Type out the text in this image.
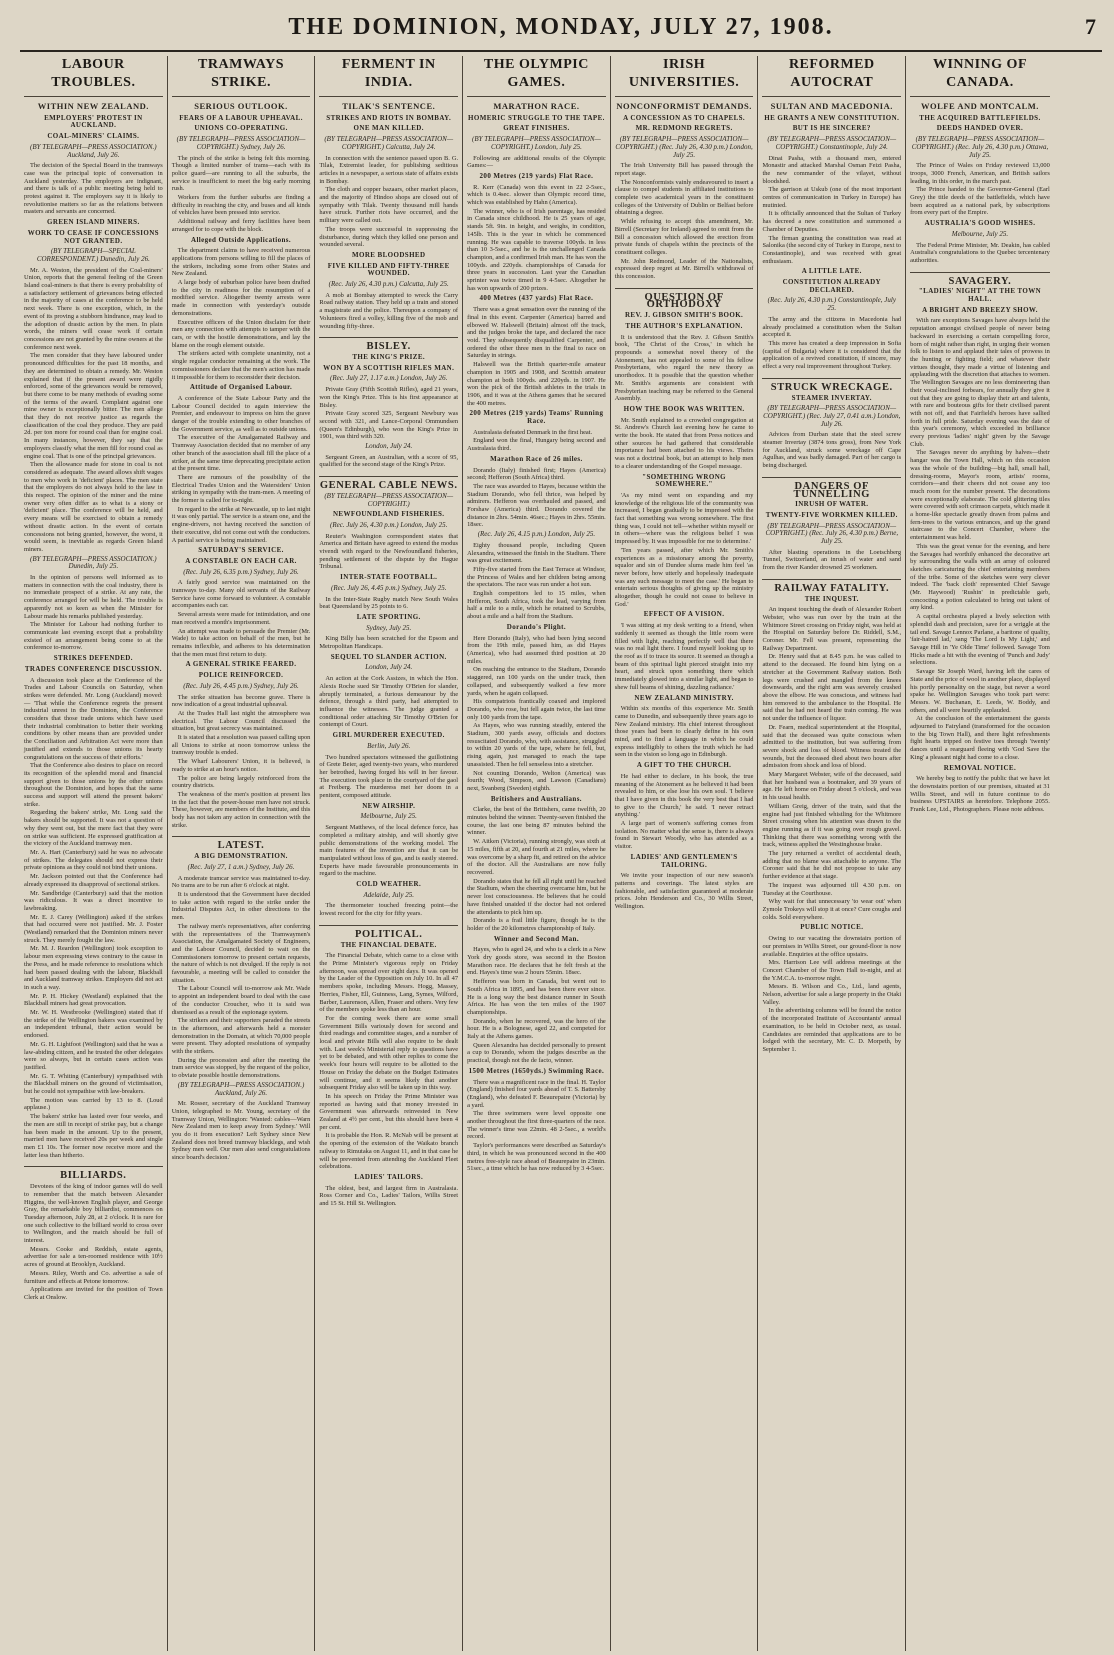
THE DOMINION, MONDAY, JULY 27, 1908.	7
LABOUR TROUBLES.
WITHIN NEW ZEALAND.
EMPLOYERS' PROTEST IN AUCKLAND.
COAL-MINERS' CLAIMS.
(BY TELEGRAPH—PRESS ASSOCIATION.) Auckland, July 26.

The decision of the Special Board in the tramways case was the principal topic of conversation in Auckland yesterday. The employers are indignant, and there is talk of a public meeting being held to protest against it. The employers say it is likely to revolutionise matters so far as the relations between masters and servants are concerned.

GREEN ISLAND MINERS.
WORK TO CEASE IF CONCESSIONS NOT GRANTED.
(BY TELEGRAPH—SPECIAL CORRESPONDENT.) Dunedin, July 26.

Mr. A. Weston, the president of the Coal-miners' Union, reports that the general feeling of the Green Island coal-miners is that there is every probability of a satisfactory settlement of grievances being effected in the majority of cases at the conference to be held next week. There is one exception, which, in the event of its proving a stubborn hindrance, may lead to the adoption of drastic action by the men. In plain words, the miners will cease work if certain concessions are not granted by the mine owners at the conference next week.

The men consider that they have laboured under pronounced difficulties for the past 18 months, and they are determined to obtain a remedy. Mr. Weston explained that if the present award were rigidly enforced, some of the grievances would be removed, but there come to be many methods of evading some of the terms of the award. Complaint against one mine owner is exceptionally bitter. The men allege that they do not receive justice as regards the classification of the coal they produce. They are paid 2d. per ton more for round coal than for engine coal. In many instances, however, they say that the employers classify what the men fill for round coal as engine coal. That is one of the principal grievances.

Then the allowance made for stone in coal is not considered as adequate. The award allows shift wages to men who work in 'deficient' places. The men state that the employers do not always hold to the law in this respect. The opinion of the miner and the mine owner very often differ as to what is a stony or 'deficient' place. The conference will be held, and every means will be exercised to obtain a remedy without drastic action. In the event of certain concessions not being granted, however, the worst, it would seem, is inevitable as regards Green Island miners.

(BY TELEGRAPH—PRESS ASSOCIATION.) Dunedin, July 25.

In the opinion of persons well informed as to matters in connection with the coal industry, there is no immediate prospect of a strike. At any rate, the conference arranged for will be held. The trouble is apparently not so keen as when the Minister for Labour made his remarks published yesterday.

The Minister for Labour had nothing further to communicate last evening except that a probability existed of an arrangement being come to at the conference to-morrow.

STRIKES DEFENDED.
TRADES CONFERENCE DISCUSSION.

A discussion took place at the Conference of the Trades and Labour Councils on Saturday, when strikes were defended. Mr. Long (Auckland) moved:— 'That while the Conference regrets the present industrial unrest in the Dominion, the Conference considers that those trade unions which have used their industrial combination to better their working conditions by other means than are provided under the Conciliation and Arbitration Act were more than justified and extends to those unions its hearty congratulations on the success of their efforts.'

That the Conference also desires to place on record its recognition of the splendid moral and financial support given to those unions by the other unions throughout the Dominion, and hopes that the same success and support will attend the present bakers' strike.

Regarding the bakers' strike, Mr. Long said the bakers should be supported. It was not a question of why they went out, but the mere fact that they were on strike was sufficient. He expressed gratification at the victory of the Auckland tramway men.

Mr. A. Hart (Canterbury) said he was no advocate of strikes. The delegates should not express their private opinions as they could not bind their unions.

Mr. Jackson pointed out that the Conference had already expressed its disapproval of sectional strikes.

Mr. Sandbridge (Canterbury) said that the motion was ridiculous. It was a direct incentive to lawbreaking.

Mr. E. J. Carey (Wellington) asked if the strikes that had occurred were not justified. Mr. J. Foster (Westland) remarked that the Dominion miners never struck. They merely fought the law.

Mr. M. J. Reardon (Wellington) took exception to labour men expressing views contrary to the cause in the Press, and he made reference to resolutions which had been passed dealing with the labour, Blackball and Auckland tramway strikes. Employers did not act in such a way.

Mr. P. H. Hickey (Westland) explained that the Blackball miners had great provocation.

Mr. W. H. Westbrooke (Wellington) stated that if the strike of the Wellington bakers was examined by an independent tribunal, their action would be endorsed.

Mr. G. H. Lightfoot (Wellington) said that he was a law-abiding citizen, and he trusted the other delegates were so always, but in certain cases action was justified.

Mr. G. T. Whiting (Canterbury) sympathised with the Blackball miners on the ground of victimisation, but he could not sympathise with law-breakers.

The motion was carried by 13 to 8. (Loud applause.)

The bakers' strike has lasted over four weeks, and the men are still in receipt of strike pay, but a change has been made in the amount. Up to the present, married men have received 20s per week and single men £1 10s. The former now receive more and the latter less than hitherto.

BILLIARDS.

Devotees of the king of indoor games will do well to remember that the match between Alexander Higgins, the well-known English player, and George Gray, the remarkable boy billiardist, commences on Tuesday afternoon, July 28, at 2 o'clock. It is rare for one such collective to the billiard world to cross over to Wellington, and the match should be full of interest.

Messrs. Cooke and Reddish, estate agents, advertise for sale a ten-roomed residence with 10½ acres of ground at Brooklyn, Auckland.

Messrs. Riley, Worth and Co. advertise a sale of furniture and effects at Petone tomorrow.

Applications are invited for the position of Town Clerk at Onslow.

TRAMWAYS STRIKE.
SERIOUS OUTLOOK.
FEARS OF A LABOUR UPHEAVAL.
UNIONS CO-OPERATING.
(BY TELEGRAPH—PRESS ASSOCIATION—COPYRIGHT.) Sydney, July 26.

The pinch of the strike is being felt this morning. Though a limited number of trams—each with its police guard—are running to all the suburbs, the service is insufficient to meet the big early morning rush.

Workers from the further suburbs are finding a difficulty in reaching the city, and buses and all kinds of vehicles have been pressed into service.

Additional railway and ferry facilities have been arranged for to cope with the block.

Alleged Outside Applications.

The department claims to have received numerous applications from persons willing to fill the places of the strikers, including some from other States and New Zealand.

A large body of suburban police have been drafted to the city in readiness for the resumption of a modified service. Altogether twenty arrests were made in connection with yesterday's outside demonstrations.

Executive officers of the Union disclaim for their men any connection with attempts to tamper with the cars, or with the hostile demonstrations, and lay the blame on the rough element outside.

The strikers acted with complete unanimity, not a single regular conductor remaining at the work. The commissioners declare that the men's action has made it impossible for them to reconsider their decision.

Attitude of Organised Labour.

A conference of the State Labour Party and the Labour Council decided to again interview the Premier, and endeavour to impress on him the grave danger of the trouble extending to other branches of the Government service, as well as to outside unions.

The executive of the Amalgamated Railway and Tramway Association decided that no member of any other branch of the association shall fill the place of a striker, at the same time deprecating precipitate action at the present time.

There are rumours of the possibility of the Electrical Trades Union and the Watersiders' Union striking in sympathy with the tram-men. A meeting of the former is called for to-night.

In regard to the strike at Newcastle, up to last night it was only partial. The service is a steam one, and the engine-drivers, not having received the sanction of their executive, did not come out with the conductors. A partial service is being maintained.

SATURDAY'S SERVICE.
A CONSTABLE ON EACH CAR.
(Rec. July 26, 6.35 p.m.) Sydney, July 26.

A fairly good service was maintained on the tramways to-day. Many old servants of the Railway Service have come forward to volunteer. A constable accompanies each car.

Several arrests were made for intimidation, and one man received a month's imprisonment.

An attempt was made to persuade the Premier (Mr. Wade) to take action on behalf of the men, but he remains inflexible, and adheres to his determination that the men must first return to duty.

A GENERAL STRIKE FEARED.
POLICE REINFORCED.
(Rec. July 26, 4.45 p.m.) Sydney, July 26.

The strike situation has become grave. There is now indication of a great industrial upheaval.

At the Trades Hall last night the atmosphere was electrical. The Labour Council discussed the situation, but great secrecy was maintained.

It is stated that a resolution was passed calling upon all Unions to strike at noon tomorrow unless the tramway trouble is ended.

The Wharf Labourers' Union, it is believed, is ready to strike at an hour's notice.

The police are being largely reinforced from the country districts.

The weakness of the men's position at present lies in the fact that the power-house men have not struck. These, however, are members of the Institute, and this body has not taken any action in connection with the strike.

LATEST.
A BIG DEMONSTRATION.
(Rec. July 27, 1 a.m.) Sydney, July 26.

A moderate tramcar service was maintained to-day. No trams are to be run after 6 o'clock at night.

It is understood that the Government have decided to take action with regard to the strike under the Industrial Disputes Act, in other directions to the men.

The railway men's representatives, after conferring with the representatives of the Tramwaymen's Association, the Amalgamated Society of Engineers, and the Labour Council, decided to wait on the Commissioners tomorrow to present certain requests, the nature of which is not divulged. If the reply is not favourable, a meeting will be called to consider the situation.

The Labour Council will to-morrow ask Mr. Wade to appoint an independent board to deal with the case of the conductor Croucher, who it is said was dismissed as a result of the espionage system.

The strikers and their supporters paraded the streets in the afternoon, and afterwards held a monster demonstration in the Domain, at which 70,000 people were present. They adopted resolutions of sympathy with the strikers.

During the procession and after the meeting the tram service was stopped, by the request of the police, to obviate possible hostile demonstrations.

(BY TELEGRAPH—PRESS ASSOCIATION.) Auckland, July 26.

Mr. Rosser, secretary of the Auckland Tramway Union, telegraphed to Mr. Young, secretary of the Tramway Union, Wellington: 'Wanted: cables—Warn New Zealand men to keep away from Sydney.' Will you do it from execution? Left Sydney since New Zealand does not breed tramway blacklegs, and wish Sydney men well. Our men also send congratulations since board's decision.'

FERMENT IN INDIA.
TILAK'S SENTENCE.
STRIKES AND RIOTS IN BOMBAY.
ONE MAN KILLED.
(BY TELEGRAPH—PRESS ASSOCIATION—COPYRIGHT.) Calcutta, July 24.

In connection with the sentence passed upon B. G. Tilak, Extremist leader, for publishing seditious articles in a newspaper, a serious state of affairs exists in Bombay.

The cloth and copper bazaars, other market places, and the majority of Hindoo shops are closed out of sympathy with Tilak. Twenty thousand mill hands have struck. Further riots have occurred, and the military were called out.

The troops were successful in suppressing the disturbance, during which they killed one person and wounded several.

MORE BLOODSHED
FIVE KILLED AND FIFTY-THREE WOUNDED.
(Rec. July 26, 4.30 p.m.) Calcutta, July 25.

A mob at Bombay attempted to wreck the Carry Road railway station. They held up a train and stoned a magistrate and the police. Thereupon a company of Volunteers fired a volley, killing five of the mob and wounding fifty-three.

BISLEY.
THE KING'S PRIZE.
WON BY A SCOTTISH RIFLES MAN.
(Rec. July 27, 1.17 a.m.) London, July 26.

Private Gray (Fifth Scottish Rifles), aged 21 years, won the King's Prize. This is his first appearance at Bisley.

Private Gray scored 325, Sergeant Newbury was second with 321, and Lance-Corporal Ommundsen (Queen's Edinburgh), who won the King's Prize in 1901, was third with 320.

London, July 24.

Sergeant Green, an Australian, with a score of 95, qualified for the second stage of the King's Prize.

GENERAL CABLE NEWS.
(BY TELEGRAPH—PRESS ASSOCIATION—COPYRIGHT.)
NEWFOUNDLAND FISHERIES.
(Rec. July 26, 4.30 p.m.) London, July 25.

Reuter's Washington correspondent states that America and Britain have agreed to extend the modus vivendi with regard to the Newfoundland fisheries, pending settlement of the dispute by the Hague Tribunal.

INTER-STATE FOOTBALL.
(Rec. July 26, 4.45 p.m.) Sydney, July 25.

In the Inter-State Rugby match New South Wales beat Queensland by 25 points to 6.

LATE SPORTING.
Sydney, July 25.

King Billy has been scratched for the Epsom and Metropolitan Handicaps.

SEQUEL TO SLANDER ACTION.
London, July 24.

An action at the Cork Assizes, in which the Hon. Alexis Roche sued Sir Timothy O'Brien for slander, abruptly terminated, a furious demeanour by the defence, through a third party, had attempted to influence the witnesses. The judge granted a conditional order attaching Sir Timothy O'Brien for contempt of Court.

GIRL MURDERER EXECUTED.
Berlin, July 26.

Two hundred spectators witnessed the guillotining of Grete Beier, aged twenty-two years, who murdered her betrothed, having forged his will in her favour. The execution took place in the courtyard of the gaol at Freiberg. The murderess met her doom in a penitent, composed attitude.

NEW AIRSHIP.
Melbourne, July 25.

Sergeant Matthews, of the local defence force, has completed a military airship, and will shortly give public demonstrations of the working model. The main features of the invention are that it can be manipulated without loss of gas, and is easily steered. Experts have made favourable pronouncements in regard to the machine.

COLD WEATHER.
Adelaide, July 25.

The thermometer touched freezing point—the lowest record for the city for fifty years.

POLITICAL.
THE FINANCIAL DEBATE.

The Financial Debate, which came to a close with the Prime Minister's vigorous reply on Friday afternoon, was spread over eight days. It was opened by the Leader of the Opposition on July 10. In all 47 members spoke, including Messrs. Hogg, Massey, Herries, Fisher, Ell, Guinness, Lang, Symes, Wilford, Barber, Laurenson, Allen, Fraser and others. Very few of the members spoke less than an hour.

For the coming week there are some small Government Bills variously down for second and third readings and committee stages, and a number of local and private Bills will also require to be dealt with. Last week's Ministerial reply to questions have yet to be debated, and with other replies to come the week's four hours will require to be allotted to the House on Friday the debate on the Budget Estimates will continue, and it seems likely that another subsequent Friday also will be taken up in this way.

In his speech on Friday the Prime Minister was reported as having said that money invested in Government was afterwards reinvested in New Zealand at 4½ per cent., but this should have been 4 per cent.

It is probable the Hon. R. McNab will be present at the opening of the extension of the Waikato branch railway to Rimutaka on August 11, and in that case he will be prevented from attending the Auckland Fleet celebrations.

LADIES' TAILORS.

The oldest, best, and largest firm in Australasia. Ross Corner and Co., Ladies' Tailors, Willis Street and 15 St. Hill St. Wellington.

THE OLYMPIC GAMES.
MARATHON RACE.
HOMERIC STRUGGLE TO THE TAPE.
GREAT FINISHES.
(BY TELEGRAPH—PRESS ASSOCIATION—COPYRIGHT.) London, July 25.

Following are additional results of the Olympic Games:—

200 Metres (219 yards) Flat Race.

R. Kerr (Canada) won this event in 22 2-5sec., which is 0.4sec. slower than Olympic record time, which was established by Hahn (America).

The winner, who is of Irish parentage, has resided in Canada since childhood. He is 25 years of age, stands 5ft. 9in. in height, and weighs, in condition, 145lb. This is the year in which he commenced running. He was capable to traverse 100yds. in less than 10 3-5sec., and he is the unchallenged Canada champion, and a confirmed Irish man. He has won the 100yds. and 220yds. championships of Canada for three years in succession. Last year the Canadian sprinter was twice timed in 9 4-5sec. Altogether he has won upwards of 200 prizes.

400 Metres (437 yards) Flat Race.

There was a great sensation over the running of the final in this event. Carpenter (America) barred and elbowed W. Halswell (Britain) almost off the track, and the judges broke the tape, and declared the race void. They subsequently disqualified Carpenter, and ordered the other three men in the final to race on Saturday in strings.

Halswell was the British quarter-mile amateur champion in 1905 and 1908, and Scottish amateur champion at both 100yds. and 220yds. in 1907. He won the pick of the British athletes in the trials in 1906, and it was at the Athens games that he secured the 400 metres.

200 Metres (219 yards) Teams' Running Race.

Australasia defeated Denmark in the first heat.

England won the final, Hungary being second and Australasia third.

Marathon Race of 26 miles.

Dorando (Italy) finished first; Hayes (America) second; Hefferon (South Africa) third.

The race was awarded to Hayes, because within the Stadium Dorando, who fell thrice, was helped by admirers. Hefferon was overhauled and passed, and Forshaw (America) third. Dorando covered the distance in 2hrs. 54min. 46sec.; Hayes in 2hrs. 55min. 18sec.

(Rec. July 26, 4.15 p.m.) London, July 25.

Eighty thousand people, including Queen Alexandra, witnessed the finish in the Stadium. There was great excitement.

Fifty-five started from the East Terrace at Windsor, the Princess of Wales and her children being among the spectators. The race was run under a hot sun.

English competitors led to 15 miles, when Hefferon, South Africa, took the lead, varying from half a mile to a mile, which he retained to Scrubbs, about a mile and a half from the Stadium.

Dorando's Plight.

Here Dorando (Italy), who had been lying second from the 19th mile, passed him, as did Hayes (America), who had assumed third position at 20 miles.

On reaching the entrance to the Stadium, Dorando staggered, ran 100 yards on the under track, then collapsed, and subsequently walked a few more yards, when he again collapsed.

His compatriots frantically coaxed and implored Dorando, who rose, but fell again twice, the last time only 100 yards from the tape.

As Hayes, who was running steadily, entered the Stadium, 300 yards away, officials and doctors resuscitated Dorando, who, with assistance, struggled to within 20 yards of the tape, where he fell, but, rising again, just managed to reach the tape unassisted. Then he fell senseless into a stretcher.

Not counting Dorando, Welton (America) was fourth; Wood, Simpson, and Lawson (Canadians) next, Svanberg (Sweden) eighth.

Britishers and Australians.

Clarke, the best of the Britishers, came twelfth, 20 minutes behind the winner. Twenty-seven finished the course, the last one being 87 minutes behind the winner.

W. Aitken (Victoria), running strongly, was sixth at 15 miles, fifth at 20, and fourth at 21 miles, where he was overcome by a sharp fit, and retired on the advice of the doctor. All the Australians are now fully recovered.

Dorando states that he fell all right until he reached the Stadium, when the cheering overcame him, but he never lost consciousness. He believes that he could have finished unaided if the doctor had not ordered the attendants to pick him up.

Dorando is a frail little figure, though he is the holder of the 20 kilometres championship of Italy.

Winner and Second Man.

Hayes, who is aged 24, and who is a clerk in a New York dry goods store, was second in the Boston Marathon race. He declares that he felt fresh at the end. Hayes's time was 2 hours 55min. 18sec.

Hefferon was born in Canada, but went out to South Africa in 1895, and has been there ever since. He is a long way the best distance runner in South Africa. He has won the ten miles of the 1907 championships.

Dorando, when he recovered, was the hero of the hour. He is a Bolognese, aged 22, and competed for Italy at the Athens games.

Queen Alexandra has decided personally to present a cup to Dorando, whom the judges describe as the practical, though not the de facto, winner.

1500 Metres (1650yds.) Swimming Race.

There was a magnificent race in the final. H. Taylor (England) finished four yards ahead of T. S. Battersby (England), who defeated F. Beaurepaire (Victoria) by a yard.

The three swimmers were level opposite one another throughout the first three-quarters of the race. The winner's time was 22min. 48 2-5sec., a world's record.

Taylor's performances were described as Saturday's third, in which he was pronounced second in the 400 metres free-style race ahead of Beaurepaire in 23min. 51sec., a time which he has now reduced by 3 4-5sec.

IRISH UNIVERSITIES.
NONCONFORMIST DEMANDS.
A CONCESSION AS TO CHAPELS.
MR. REDMOND REGRETS.
(BY TELEGRAPH—PRESS ASSOCIATION—COPYRIGHT.) (Rec. July 26, 4.30 p.m.) London, July 25.

The Irish University Bill has passed through the report stage.

The Nonconformists vainly endeavoured to insert a clause to compel students in affiliated institutions to complete two academical years in the constituent colleges of the University of Dublin or Belfast before obtaining a degree.

While refusing to accept this amendment, Mr. Birrell (Secretary for Ireland) agreed to omit from the Bill a concession which allowed the erection from private funds of chapels within the precincts of the constituent colleges.

Mr. John Redmond, Leader of the Nationalists, expressed deep regret at Mr. Birrell's withdrawal of this concession.

QUESTION OF ORTHODOXY
REV. J. GIBSON SMITH'S BOOK.
THE AUTHOR'S EXPLANATION.

It is understood that the Rev. J. Gibson Smith's book, 'The Christ of the Cross,' in which he propounds a somewhat novel theory of the Atonement, has not appealed to some of his fellow Presbyterians, who regard the new theory as unorthodox. It is possible that the question whether Mr. Smith's arguments are consistent with Presbyterian teaching may be referred to the General Assembly.

HOW THE BOOK WAS WRITTEN.

Mr. Smith explained to a crowded congregation at St. Andrew's Church last evening how he came to write the book. He stated that from Press notices and other sources he had gathered that considerable importance had been attached to his views. Theirs was not a doctrinal book, but an attempt to help men to a clearer understanding of the Gospel message.

"SOMETHING WRONG SOMEWHERE."

'As my mind went on expanding and my knowledge of the religious life of the community was increased, I began gradually to be impressed with the fact that something was wrong somewhere. The first thing was, I could not tell—whether within myself or in others—where was the religious belief I was impressed by. It was impossible for me to determine.'

'Ten years passed, after which Mr. Smith's experiences as a missionary among the poverty, squalor and sin of Dundee slums made him feel 'as never before, how utterly and hopelessly inadequate was any such message to meet the case.' He began to entertain serious thoughts of giving up the ministry altogether, though he could not cease to believe in God.'

EFFECT OF A VISION.

'I was sitting at my desk writing to a friend, when suddenly it seemed as though the little room were filled with light, reaching perfectly well that there was no real light there. I found myself looking up to the roof as if to trace its source. It seemed as though a beam of this spiritual light pierced straight into my heart, and struck upon something there which immediately glowed into a similar light, and began to shew full beams of shining, dazzling radiance.'

NEW ZEALAND MINISTRY.

Within six months of this experience Mr. Smith came to Dunedin, and subsequently three years ago to New Zealand ministry. His chief interest throughout those years had been to clearly define in his own mind, and to find a language in which he could express intelligibly to others the truth which he had seen in the vision so long ago in Edinburgh.

A GIFT TO THE CHURCH.

He had either to declare, in his book, the true meaning of the Atonement as he believed it had been revealed to him, or else lose his own soul. 'I believe that I have given in this book the very best that I had to give to the Church,' he said. 'I never retract anything.'

A large part of women's suffering comes from isolation. No matter what the sense is, there is always found in Stewart Woodly, who has attended as a visitor.

LADIES' AND GENTLEMEN'S TAILORING.

We invite your inspection of our new season's patterns and coverings. The latest styles are fashionable, and satisfaction guaranteed at moderate prices. John Henderson and Co., 30 Willis Street, Wellington.

REFORMED AUTOCRAT
SULTAN AND MACEDONIA.
HE GRANTS A NEW CONSTITUTION.
BUT IS HE SINCERE?
(BY TELEGRAPH—PRESS ASSOCIATION—COPYRIGHT.) Constantinople, July 24.

Dinai Pasha, with a thousand men, entered Monastir and attacked Marshal Osman Feizi Pasha, the new commander of the vilayet, without bloodshed.

The garrison at Uskub (one of the most important centres of communication in Turkey in Europe) has mutinied.

It is officially announced that the Sultan of Turkey has decreed a new constitution and summoned a Chamber of Deputies.

The firman granting the constitution was read at Salonika (the second city of Turkey in Europe, next to Constantinople), and was received with great enthusiasm.

A LITTLE LATE.
CONSTITUTION ALREADY DECLARED.
(Rec. July 26, 4.30 p.m.) Constantinople, July 25.

The army and the citizens in Macedonia had already proclaimed a constitution when the Sultan accepted it.

This move has created a deep impression in Sofia (capital of Bulgaria) where it is considered that the application of a revived constitution, if sincere, may effect a very real improvement throughout Turkey.

STRUCK WRECKAGE.
STEAMER INVERTAY.
(BY TELEGRAPH—PRESS ASSOCIATION—COPYRIGHT.) (Rec. July 27, 0.41 a.m.) London, July 26.

Advices from Durban state that the steel screw steamer Invertay (3874 tons gross), from New York for Auckland, struck some wreckage off Cape Agulhas, and was badly damaged. Part of her cargo is being discharged.

DANGERS OF TUNNELLING
INRUSH OF WATER.
TWENTY-FIVE WORKMEN KILLED.
(BY TELEGRAPH—PRESS ASSOCIATION—COPYRIGHT.) (Rec. July 26, 4.30 p.m.) Berne, July 25.

After blasting operations in the Loetschberg Tunnel, Switzerland, an inrush of water and sand from the river Kander drowned 25 workmen.

RAILWAY FATALITY.
THE INQUEST.

An inquest touching the death of Alexander Robert Webster, who was run over by the train at the Whitmore Street crossing on Friday night, was held at the Hospital on Saturday before Dr. Riddell, S.M., Coroner. Mr. Fell was present, representing the Railway Department.

Dr. Henry said that at 8.45 p.m. he was called to attend to the deceased. He found him lying on a stretcher at the Government Railway station. Both legs were crushed and mangled from the knees downwards, and the right arm was severely crushed above the elbow. He was conscious, and witness had him removed to the ambulance to the Hospital. He said that he had not heard the train coming. He was not under the influence of liquor.

Dr. Fearn, medical superintendent at the Hospital, said that the deceased was quite conscious when admitted to the institution, but was suffering from severe shock and loss of blood. Witness treated the wounds, but the deceased died about two hours after admission from shock and loss of blood.

Mary Margaret Webster, wife of the deceased, said that her husband was a bootmaker, and 39 years of age. He left home on Friday about 5 o'clock, and was in his usual health.

William Greig, driver of the train, said that the engine had just finished whistling for the Whitmore Street crossing when his attention was drawn to the engine running as if it was going over rough gravel. Thinking that there was something wrong with the track, witness applied the Westinghouse brake.

The jury returned a verdict of accidental death, adding that no blame was attachable to anyone. The Coroner said that he did not propose to take any further evidence at that stage.

The inquest was adjourned till 4.30 p.m. on Tuesday at the Courthouse.

Why wait for that unnecessary 'to wear out' when Zymole Trokeys will stop it at once? Cure coughs and colds. Sold everywhere.

PUBLIC NOTICE.

Owing to our vacating the downstairs portion of our premises in Willis Street, our ground-floor is now available. Enquiries at the office upstairs.

Mrs. Harrison Lee will address meetings at the Concert Chamber of the Town Hall to-night, and at the Y.M.C.A. to-morrow night.

Messrs. B. Wilson and Co., Ltd., land agents, Nelson, advertise for sale a large property in the Otaki Valley.

In the advertising columns will be found the notice of the incorporated Institute of Accountants' annual examination, to be held in October next, as usual. Candidates are reminded that applications are to be lodged with the secretary, Mr. C. D. Morpeth, by September 1.

WINNING OF CANADA.
WOLFE AND MONTCALM.
THE ACQUIRED BATTLEFIELDS.
DEEDS HANDED OVER.
(BY TELEGRAPH—PRESS ASSOCIATION—COPYRIGHT.) (Rec. July 26, 4.30 p.m.) Ottawa, July 25.

The Prince of Wales on Friday reviewed 13,000 troops, 3000 French, American, and British sailors leading, in this order, in the march past.

The Prince handed to the Governor-General (Earl Grey) the title deeds of the battlefields, which have been acquired as a national park, by subscriptions from every part of the Empire.

AUSTRALIA'S GOOD WISHES.
Melbourne, July 25.

The Federal Prime Minister, Mr. Deakin, has cabled Australia's congratulations to the Quebec tercentenary authorities.

SAVAGERY.
"LADIES' NIGHT" AT THE TOWN HALL.
A BRIGHT AND BREEZY SHOW.

With rare exceptions Savages have always held the reputation amongst civilised people of never being backward in exercising a certain compelling force, born of might rather than right, in urging their women folk to listen to and applaud their tales of prowess in the hunting or fighting field; and whatever their virtues thought, they made a virtue of listening and applauding with the discretion that attaches to women. The Wellington Savages are no less domineering than their vocal-inclined forbears, for annually they give it out that they are going to display their art and talents, with rare and bouteous gifts for their civilised parent with not off, and that Fairfield's heroes have sallied forth in full pride. Saturday evening was the date of this year's ceremony, which exceeded in brilliance every previous 'ladies' night' given by the Savage Club.

The Savages never do anything by halves—their hangar was the Town Hall, which on this occasion was the whole of the building—big hall, small hall, dressing-rooms, Mayor's room, artists' rooms, corridors—and their cheers did not cease any too much room for the number present. The decorations were exceptionally elaborate. The cold glittering tiles were covered with soft crimson carpets, which made it a home-like spectacle greatly drawn from palms and fern-trees to the various entrances, and up the grand staircase to the Concert Chamber, where the entertainment was held.

This was the great venue for the evening, and here the Savages had worthily enhanced the decorative art by surrounding the walls with an array of coloured sketches caricaturing the chief entertaining members of the tribe. Some of the sketches were very clever indeed. The 'back cloth' represented Chief Savage (Mr. Haywood) 'Rushin' in predictable garb, concocting a potion calculated to bring out talent of any kind.

A capital orchestra played a lively selection with splendid dash and precision, save for a wriggle at the tail end. Savage Lennox Parlane, a baritone of quality, 'fair-haired lad,' sang 'The Lord Is My Light,' and Savage Hill in 'Ye Olde Time' followed. Savage Tom Hicks made a hit with the evening of 'Punch and Judy' selections.

Savage Sir Joseph Ward, having left the cares of State and the price of wool in another place, displayed his portly personality on the stage, but never a word spake he. Wellington Savages who took part were: Messrs. W. Buchanan, E. Leeds, W. Boddy, and others, and all were heartily applauded.

At the conclusion of the entertainment the guests adjourned to Fairyland (transformed for the occasion to the big Town Hall), and there light refreshments fight hearts tripped on festive toes through 'twenty' dances until a rearguard fleeing with 'God Save the King' a pleasant night had come to a close.

REMOVAL NOTICE.

We hereby beg to notify the public that we have let the downstairs portion of our premises, situated at 31 Willis Street, and will in future continue to do business UPSTAIRS as heretofore. Telephone 2055. Frank Lee, Ltd., Photographers. Please note address.
